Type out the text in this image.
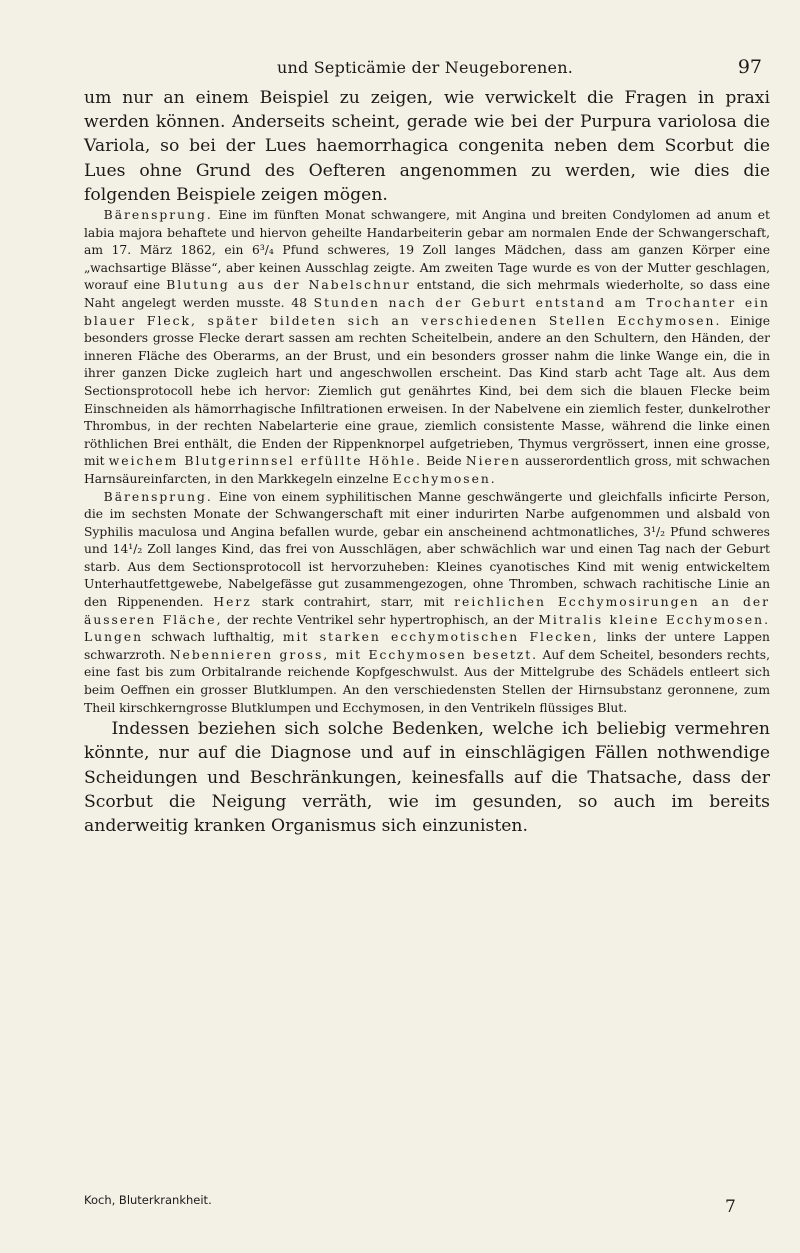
und Septicämie der Neugeborenen.	97

um nur an einem Beispiel zu zeigen, wie verwickelt die Fragen in praxi werden können. Anderseits scheint, gerade wie bei der Purpura variolosa die Variola, so bei der Lues haemorrhagica congenita neben dem Scorbut die Lues ohne Grund des Oefteren angenommen zu werden, wie dies die folgenden Beispiele zeigen mögen.

Bärensprung. Eine im fünften Monat schwangere, mit Angina und breiten Condylomen ad anum et labia majora behaftete und hiervon geheilte Handarbeiterin gebar am normalen Ende der Schwangerschaft, am 17. März 1862, ein 6³/₄ Pfund schweres, 19 Zoll langes Mädchen, dass am ganzen Körper eine „wachsartige Blässe“, aber keinen Ausschlag zeigte. Am zweiten Tage wurde es von der Mutter geschlagen, worauf eine Blutung aus der Nabelschnur entstand, die sich mehrmals wiederholte, so dass eine Naht angelegt werden musste. 48 Stunden nach der Geburt entstand am Trochanter ein blauer Fleck, später bildeten sich an verschiedenen Stellen Ecchymosen. Einige besonders grosse Flecke derart sassen am rechten Scheitelbein, andere an den Schultern, den Händen, der inneren Fläche des Oberarms, an der Brust, und ein besonders grosser nahm die linke Wange ein, die in ihrer ganzen Dicke zugleich hart und angeschwollen erscheint. Das Kind starb acht Tage alt. Aus dem Sectionsprotocoll hebe ich hervor: Ziemlich gut genährtes Kind, bei dem sich die blauen Flecke beim Einschneiden als hämorrhagische Infiltrationen erweisen. In der Nabelvene ein ziemlich fester, dunkelrother Thrombus, in der rechten Nabelarterie eine graue, ziemlich consistente Masse, während die linke einen röthlichen Brei enthält, die Enden der Rippenknorpel aufgetrieben, Thymus vergrössert, innen eine grosse, mit weichem Blutgerinnsel erfüllte Höhle. Beide Nieren ausserordentlich gross, mit schwachen Harnsäureinfarcten, in den Markkegeln einzelne Ecchymosen.

Bärensprung. Eine von einem syphilitischen Manne geschwängerte und gleichfalls inficirte Person, die im sechsten Monate der Schwangerschaft mit einer indurirten Narbe aufgenommen und alsbald von Syphilis maculosa und Angina befallen wurde, gebar ein anscheinend achtmonatliches, 3¹/₂ Pfund schweres und 14¹/₂ Zoll langes Kind, das frei von Ausschlägen, aber schwächlich war und einen Tag nach der Geburt starb. Aus dem Sectionsprotocoll ist hervorzuheben: Kleines cyanotisches Kind mit wenig entwickeltem Unterhautfettgewebe, Nabelgefässe gut zusammengezogen, ohne Thromben, schwach rachitische Linie an den Rippenenden. Herz stark contrahirt, starr, mit reichlichen Ecchymosirungen an der äusseren Fläche, der rechte Ventrikel sehr hypertrophisch, an der Mitralis kleine Ecchymosen. Lungen schwach lufthaltig, mit starken ecchymotischen Flecken, links der untere Lappen schwarzroth. Nebennieren gross, mit Ecchymosen besetzt. Auf dem Scheitel, besonders rechts, eine fast bis zum Orbitalrande reichende Kopfgeschwulst. Aus der Mittelgrube des Schädels entleert sich beim Oeffnen ein grosser Blutklumpen. An den verschiedensten Stellen der Hirnsubstanz geronnene, zum Theil kirschkerngrosse Blutklumpen und Ecchymosen, in den Ventrikeln flüssiges Blut.

Indessen beziehen sich solche Bedenken, welche ich beliebig vermehren könnte, nur auf die Diagnose und auf in einschlägigen Fällen nothwendige Scheidungen und Beschränkungen, keinesfalls auf die Thatsache, dass der Scorbut die Neigung verräth, wie im gesunden, so auch im bereits anderweitig kranken Organismus sich einzunisten.

Koch, Bluterkrankheit.	7
